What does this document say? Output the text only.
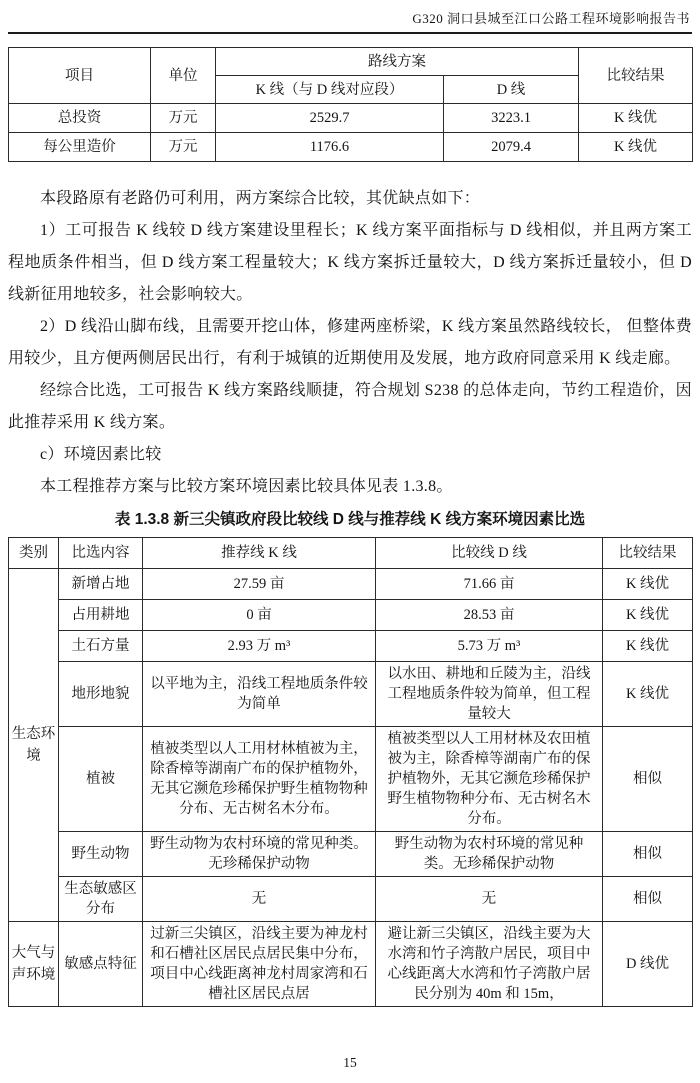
G320 洞口县城至江口公路工程环境影响报告书
项目	单位	路线方案		比较结果
		K 线（与 D 线对应段）	D 线	
总投资	万元	2529.7	3223.1	K 线优
每公里造价	万元	1176.6	2079.4	K 线优

本段路原有老路仍可利用，两方案综合比较，其优缺点如下：

1）工可报告 K 线较 D 线方案建设里程长；K 线方案平面指标与 D 线相似，并且两方案工程地质条件相当，但 D 线方案工程量较大；K 线方案拆迁量较大，D 线方案拆迁量较小，但 D 线新征用地较多，社会影响较大。

2）D 线沿山脚布线，且需要开挖山体，修建两座桥梁，K 线方案虽然路线较长， 但整体费用较少，且方便两侧居民出行，有利于城镇的近期使用及发展，地方政府同意采用 K 线走廊。

经综合比选，工可报告 K 线方案路线顺捷，符合规划 S238 的总体走向，节约工程造价，因此推荐采用 K 线方案。

c）环境因素比较

本工程推荐方案与比较方案环境因素比较具体见表 1.3.8。

表 1.3.8 新三尖镇政府段比较线 D 线与推荐线 K 线方案环境因素比选
类别	比选内容	推荐线 K 线	比较线 D 线	比较结果
生态环境	新增占地	27.59 亩	71.66 亩	K 线优
	占用耕地	0 亩	28.53 亩	K 线优
	土石方量	2.93 万 m³	5.73 万 m³	K 线优
	地形地貌	以平地为主，沿线工程地质条件较为简单	以水田、耕地和丘陵为主，沿线工程地质条件较为简单，但工程量较大	K 线优
	植被	植被类型以人工用材林植被为主，除香樟等湖南广布的保护植物外，无其它濒危珍稀保护野生植物物种分布、无古树名木分布。	植被类型以人工用材林及农田植被为主，除香樟等湖南广布的保护植物外，无其它濒危珍稀保护野生植物物种分布、无古树名木分布。	相似
	野生动物	野生动物为农村环境的常见种类。无珍稀保护动物	野生动物为农村环境的常见种类。无珍稀保护动物	相似
	生态敏感区分布	无	无	相似
大气与声环境	敏感点特征	过新三尖镇区，沿线主要为神龙村和石槽社区居民点居民集中分布，项目中心线距离神龙村周家湾和石槽社区居民点居	避让新三尖镇区，沿线主要为大水湾和竹子湾散户居民，项目中心线距离大水湾和竹子湾散户居民分别为 40m 和 15m，	D 线优
15
